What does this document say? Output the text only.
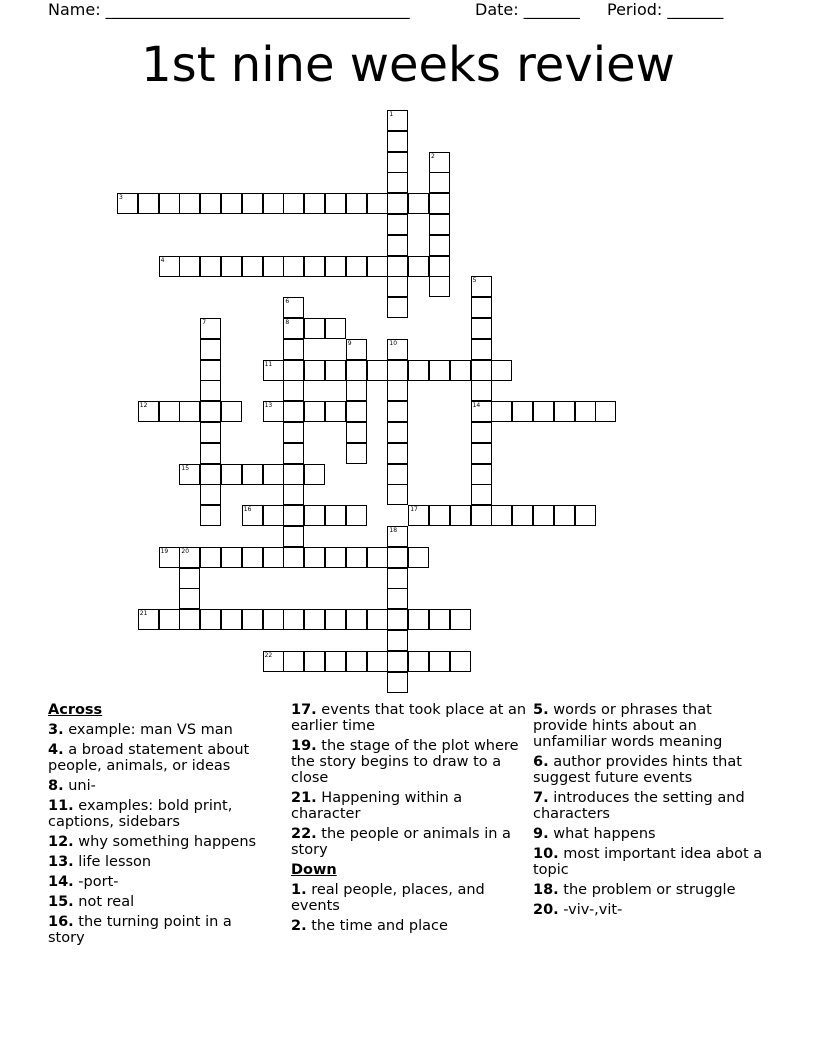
Name: ______________________________________	Date: _______ Period: _______
1st nine weeks review
1
2
3
4
5
6
7	8
9	10
11
12	13	14
15
16	17
18
19 20
21
22
Across
3. example: man VS man
4. a broad statement about people, animals, or ideas
8. uni-
11. examples: bold print, captions, sidebars
12. why something happens
13. life lesson
14. -port-
15. not real
16. the turning point in a story
17. events that took place at an earlier time
19. the stage of the plot where the story begins to draw to a close
21. Happening within a character
22. the people or animals in a story
Down
1. real people, places, and events
2. the time and place
5. words or phrases that provide hints about an unfamiliar words meaning
6. author provides hints that suggest future events
7. introduces the setting and characters
9. what happens
10. most important idea abot a topic
18. the problem or struggle
20. -viv-,vit-
